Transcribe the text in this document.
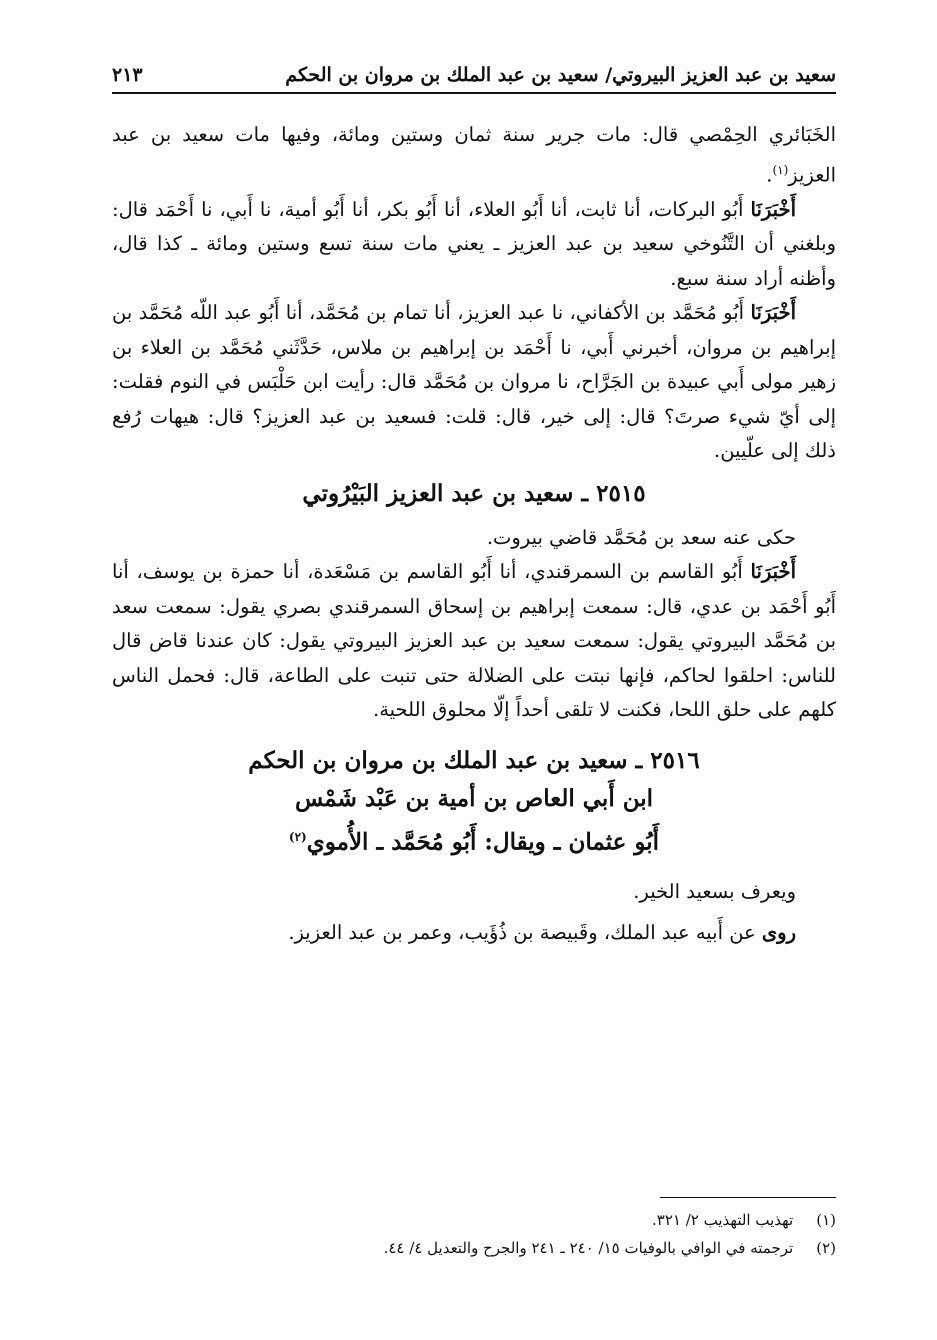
سعيد بن عبد العزيز البيروتي/ سعيد بن عبد الملك بن مروان بن الحكم
٢١٣

الخَبَائري الحِمْصي قال: مات جرير سنة ثمان وستين ومائة، وفيها مات سعيد بن عبد العزيز$^{(١)}$.

أَخْبَرَنَا أَبُو البركات، أنا ثابت، أنا أَبُو العلاء، أنا أَبُو بكر، أنا أَبُو أمية، نا أَبي، نا أَحْمَد قال: وبلغني أن التَّنُوخي سعيد بن عبد العزيز ـ يعني مات سنة تسع وستين ومائة ـ كذا قال، وأظنه أراد سنة سبع.

أَخْبَرَنَا أَبُو مُحَمَّد بن الأكفاني، نا عبد العزيز، أنا تمام بن مُحَمَّد، أنا أَبُو عبد اللّه مُحَمَّد بن إبراهيم بن مروان، أخبرني أَبي، نا أَحْمَد بن إبراهيم بن ملاس، حَدَّثَني مُحَمَّد بن العلاء بن زهير مولى أَبي عبيدة بن الجَرَّاح، نا مروان بن مُحَمَّد قال: رأيت ابن حَلْبَس في النوم فقلت: إلى أيّ شيء صرتَ؟ قال: إلى خير، قال: قلت: فسعيد بن عبد العزيز؟ قال: هيهات رُفع ذلك إلى علّيين.

٢٥١٥ ـ سعيد بن عبد العزيز البَيْرُوتي

حكى عنه سعد بن مُحَمَّد قاضي بيروت.

أَخْبَرَنَا أَبُو القاسم بن السمرقندي، أنا أَبُو القاسم بن مَسْعَدة، أنا حمزة بن يوسف، أنا أَبُو أَحْمَد بن عدي، قال: سمعت إبراهيم بن إسحاق السمرقندي بصري يقول: سمعت سعد بن مُحَمَّد البيروتي يقول: سمعت سعيد بن عبد العزيز البيروتي يقول: كان عندنا قاض قال للناس: احلقوا لحاكم، فإنها نبتت على الضلالة حتى تنبت على الطاعة، قال: فحمل الناس كلهم على حلق اللحا، فكنت لا تلقى أحداً إلّا محلوق اللحية.

٢٥١٦ ـ سعيد بن عبد الملك بن مروان بن الحكم
ابن أَبي العاص بن أمية بن عَبْد شَمْس
أَبُو عثمان ـ ويقال: أَبُو مُحَمَّد ـ الأُموي$^{(٢)}$

ويعرف بسعيد الخير.

روى عن أَبيه عبد الملك، وقَبيصة بن ذُؤَيب، وعمر بن عبد العزيز.

(١) تهذيب التهذيب ٢/ ٣٢١.
(٢) ترجمته في الوافي بالوفيات ١٥/ ٢٤٠ ـ ٢٤١ والجرح والتعديل ٤/ ٤٤.
